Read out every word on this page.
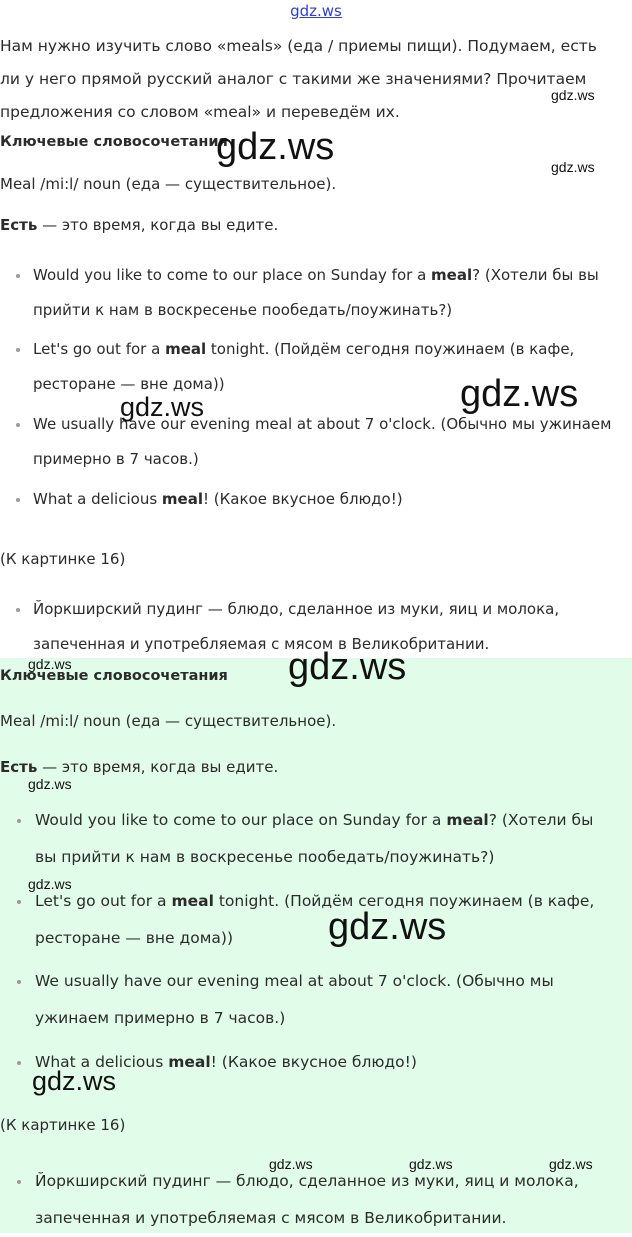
gdz.ws

Нам нужно изучить слово «meals» (еда / приемы пищи). Подумаем, есть ли у него прямой русский аналог с такими же значениями? Прочитаем предложения со словом «meal» и переведём их.

Ключевые словосочетания

Meal /mi:l/ noun (еда — существительное).

Есть — это время, когда вы едите.

Would you like to come to our place on Sunday for a meal? (Хотели бы вы прийти к нам в воскресенье пообедать/поужинать?)

Let's go out for a meal tonight. (Пойдём сегодня поужинаем (в кафе, ресторане — вне дома))

We usually have our evening meal at about 7 o'clock. (Обычно мы ужинаем примерно в 7 часов.)

What a delicious meal! (Какое вкусное блюдо!)

(К картинке 16)

Йоркширский пудинг — блюдо, сделанное из муки, яиц и молока, запеченная и употребляемая с мясом в Великобритании.

Ключевые словосочетания

Meal /mi:l/ noun (еда — существительное).

Есть — это время, когда вы едите.

Would you like to come to our place on Sunday for a meal? (Хотели бы вы прийти к нам в воскресенье пообедать/поужинать?)

Let's go out for a meal tonight. (Пойдём сегодня поужинаем (в кафе, ресторане — вне дома))

We usually have our evening meal at about 7 o'clock. (Обычно мы ужинаем примерно в 7 часов.)

What a delicious meal! (Какое вкусное блюдо!)

(К картинке 16)

Йоркширский пудинг — блюдо, сделанное из муки, яиц и молока, запеченная и употребляемая с мясом в Великобритании.

gdz.ws
gdz.ws	gdz.ws
gdz.ws
gdz.ws
gdz.ws	gdz.ws
gdz.ws
gdz.ws
gdz.ws
gdz.ws
gdz.ws	gdz.ws	gdz.ws
